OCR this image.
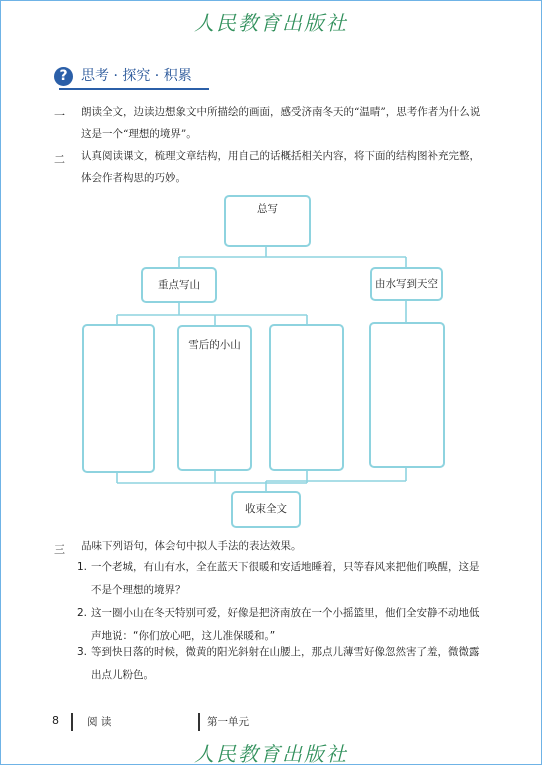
人民教育出版社
? 思考 · 探究 · 积累
一 朗读全文，边读边想象文中所描绘的画面，感受济南冬天的“温晴”，思考作者为什么说这是一个“理想的境界”。
二 认真阅读课文，梳理文章结构，用自己的话概括相关内容，将下面的结构图补充完整，体会作者构思的巧妙。
总写
重点写山	由水写到天空
雪后的小山
收束全文
三 品味下列语句，体会句中拟人手法的表达效果。
1. 一个老城，有山有水，全在蓝天下很暖和安适地睡着，只等春风来把他们唤醒，这是不是个理想的境界？
2. 这一圈小山在冬天特别可爱，好像是把济南放在一个小摇篮里，他们全安静不动地低声地说：“你们放心吧，这儿准保暖和。”
3. 等到快日落的时候，微黄的阳光斜射在山腰上，那点儿薄雪好像忽然害了羞，微微露出点儿粉色。
8	阅 读	第一单元
人民教育出版社
